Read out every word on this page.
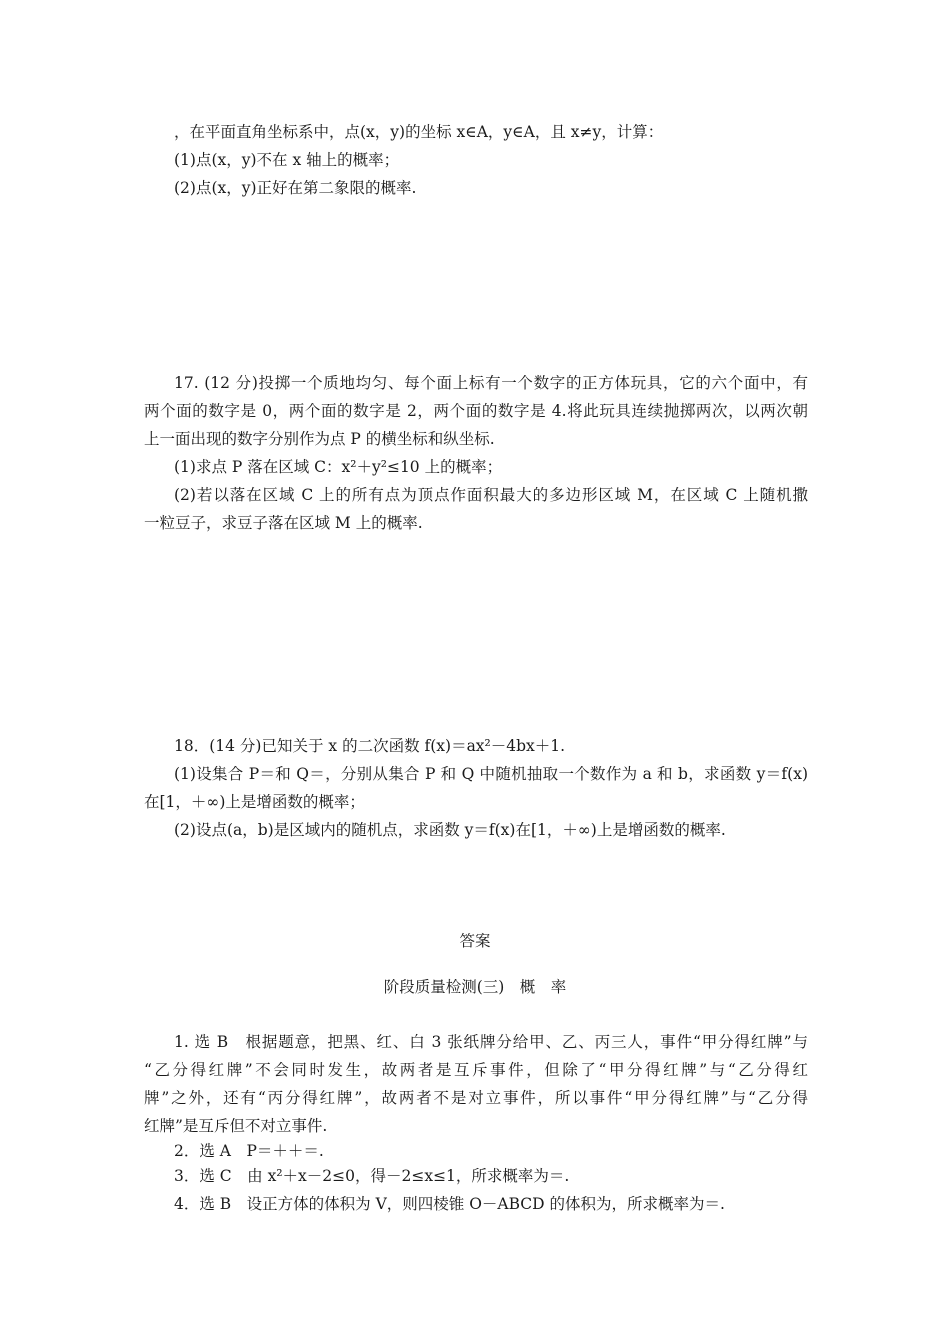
，在平面直角坐标系中，点(x，y)的坐标 x∈A，y∈A，且 x≠y，计算：
(1)点(x，y)不在 x 轴上的概率；
(2)点(x，y)正好在第二象限的概率.
17. (12 分)投掷一个质地均匀、每个面上标有一个数字的正方体玩具，它的六个面中，有
两个面的数字是 0，两个面的数字是 2，两个面的数字是 4.将此玩具连续抛掷两次，以两次朝
上一面出现的数字分别作为点 P 的横坐标和纵坐标.
(1)求点 P 落在区域 C：x²＋y²≤10 上的概率；
(2)若以落在区域 C 上的所有点为顶点作面积最大的多边形区域 M，在区域 C 上随机撒
一粒豆子，求豆子落在区域 M 上的概率.
18．(14 分)已知关于 x 的二次函数 f(x)＝ax²－4bx＋1.
(1)设集合 P＝和 Q＝，分别从集合 P 和 Q 中随机抽取一个数作为 a 和 b，求函数 y＝f(x)
在[1，＋∞)上是增函数的概率；
(2)设点(a，b)是区域内的随机点，求函数 y＝f(x)在[1，＋∞)上是增函数的概率.
答案
阶段质量检测(三)　概　率
1. 选 B　根据题意，把黑、红、白 3 张纸牌分给甲、乙、丙三人，事件“甲分得红牌”与
“乙分得红牌”不会同时发生，故两者是互斥事件，但除了“甲分得红牌”与“乙分得红
牌”之外，还有“丙分得红牌”，故两者不是对立事件，所以事件“甲分得红牌”与“乙分得
红牌”是互斥但不对立事件.
2．选 A　P＝＋＋＝.
3．选 C　由 x²＋x－2≤0，得－2≤x≤1，所求概率为＝.
4．选 B　设正方体的体积为 V，则四棱锥 O－ABCD 的体积为，所求概率为＝.
